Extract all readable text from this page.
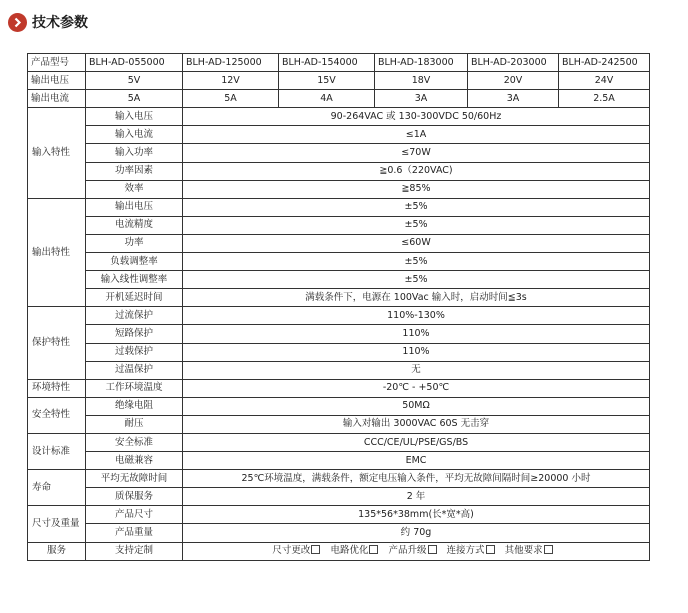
技术参数
产品型号	BLH-AD-055000	BLH-AD-125000	BLH-AD-154000	BLH-AD-183000	BLH-AD-203000	BLH-AD-242500
输出电压	5V	12V	15V	18V	20V	24V
输出电流	5A	5A	4A	3A	3A	2.5A
输入特性	输入电压	90-264VAC 或 130-300VDC 50/60Hz				
	输入电流	≤1A				
	输入功率	≤70W				
	功率因素	≧0.6（220VAC)				
	效率	≧85%				
输出特性	输出电压	±5%				
	电流精度	±5%				
	功率	≤60W				
	负载调整率	±5%				
	输入线性调整率	±5%				
	开机延迟时间	满载条件下，电源在 100Vac 输入时，启动时间≦3s				
保护特性	过流保护	110%-130%				
	短路保护	110%				
	过载保护	110%				
	过温保护	无				
环境特性	工作环境温度	-20℃ - +50℃				
安全特性	绝缘电阻	50MΩ				
	耐压	输入对输出 3000VAC 60S 无击穿				
设计标准	安全标准	CCC/CE/UL/PSE/GS/BS				
	电磁兼容	EMC				
寿命	平均无故障时间	25℃环境温度，满载条件，额定电压输入条件，平均无故障间隔时间≥20000 小时				
	质保服务	2 年				
尺寸及重量	产品尺寸	135*56*38mm(长*宽*高)				
	产品重量	约 70g				
服务	支持定制	尺寸更改 电路优化 产品升级 连接方式 其他要求				
